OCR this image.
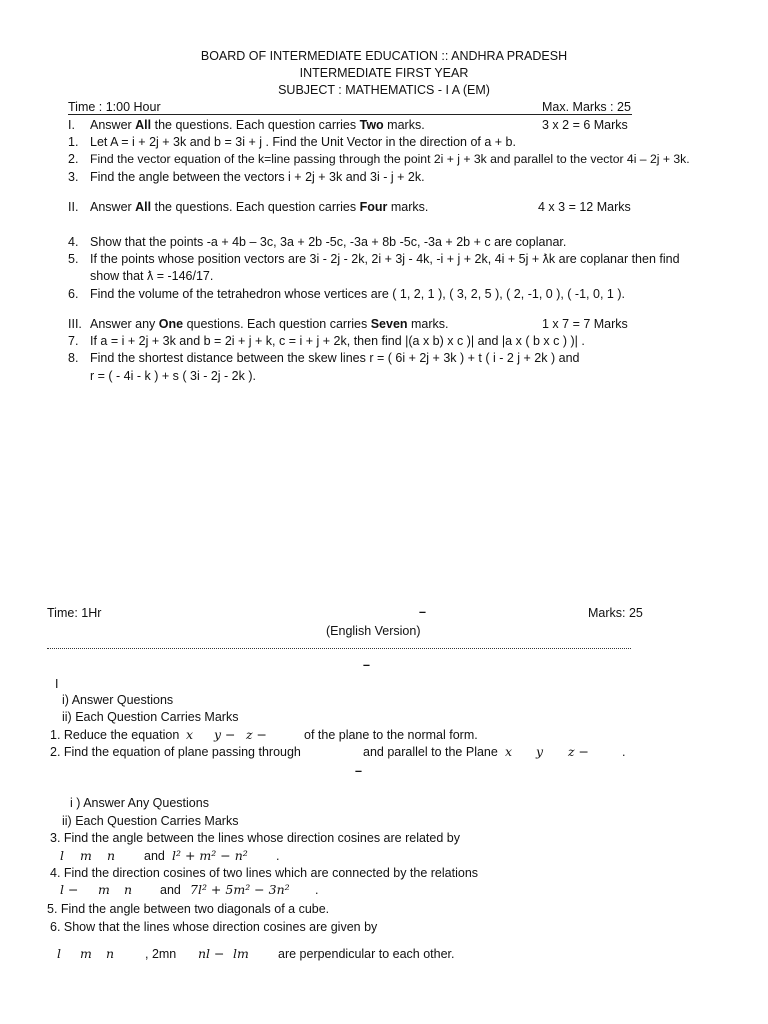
BOARD OF INTERMEDIATE EDUCATION :: ANDHRA PRADESH
INTERMEDIATE FIRST YEAR
SUBJECT : MATHEMATICS - I A (EM)
Time : 1:00 Hour	Max. Marks : 25
I. Answer All the questions. Each question carries Two marks.	3 x 2 = 6 Marks
1. Let A = i + 2j + 3k and b = 3i + j . Find the Unit Vector in the direction of a + b.
2. Find the vector equation of the k=line passing through the point 2i + j + 3k and parallel to the vector 4i – 2j + 3k.
3. Find the angle between the vectors i + 2j + 3k and 3i - j + 2k.
II. Answer All the questions. Each question carries Four marks.	4 x 3 = 12 Marks
4. Show that the points -a + 4b – 3c, 3a + 2b -5c, -3a + 8b -5c, -3a + 2b + c are coplanar.
5. If the points whose position vectors are 3i - 2j - 2k, 2i + 3j - 4k, -i + j + 2k, 4i + 5j + ƛk are coplanar then find
show that ƛ = -146/17.
6. Find the volume of the tetrahedron whose vertices are ( 1, 2, 1 ), ( 3, 2, 5 ), ( 2, -1, 0 ), ( -1, 0, 1 ).
III. Answer any One questions. Each question carries Seven marks.	1 x 7 = 7 Marks
7. If a = i + 2j + 3k and b = 2i + j + k, c = i + j + 2k, then find |(a x b) x c )| and |a x ( b x c ) )| .
8. Find the shortest distance between the skew lines r = ( 6i + 2j + 3k ) + t ( i - 2 j + 2k ) and
r = ( - 4i - k ) + s ( 3i - 2j - 2k ).
Time: 1Hr	–	Marks: 25
(English Version)
–
I
i) Answer Questions
ii) Each Question Carries Marks
1. Reduce the equation x y − z −	of the plane to the normal form.
2. Find the equation of plane passing through	and parallel to the Plane x y z −	.
–
i ) Answer Any Questions
ii) Each Question Carries Marks
3. Find the angle between the lines whose direction cosines are related by
l m n and l² + m² − n² .
4. Find the direction cosines of two lines which are connected by the relations
l − m n and 7l² + 5m² − 3n² .
5. Find the angle between two diagonals of a cube.
6. Show that the lines whose direction cosines are given by
l m n , 2mn nl − lm are perpendicular to each other.
